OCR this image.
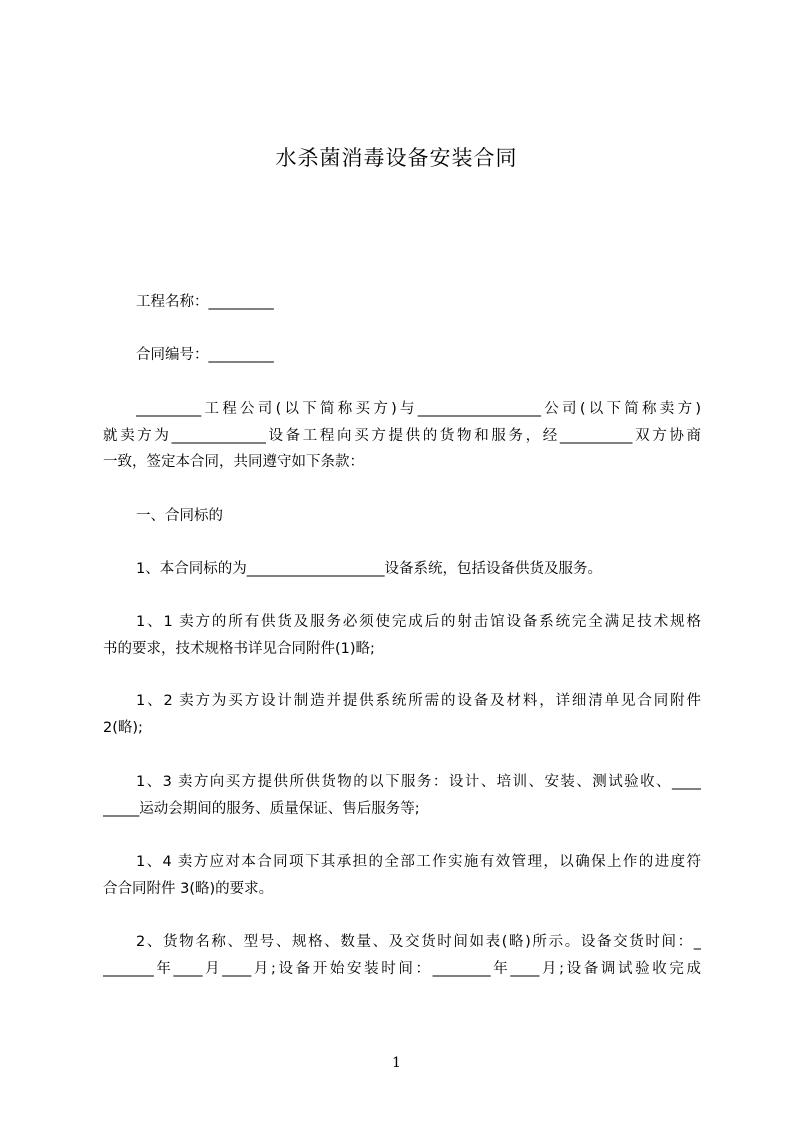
水杀菌消毒设备安装合同
工程名称：_________
合同编号：_________
_________工程公司(以下简称买方)与_________________公司(以下简称卖方)
就卖方为_____________设备工程向买方提供的货物和服务，经__________双方协商
一致，签定本合同，共同遵守如下条款：
一、合同标的
1、本合同标的为___________________设备系统，包括设备供货及服务。
1、1 卖方的所有供货及服务必须使完成后的射击馆设备系统完全满足技术规格
书的要求，技术规格书详见合同附件(1)略;
1、2 卖方为买方设计制造并提供系统所需的设备及材料，详细清单见合同附件
2(略);
1、3 卖方向买方提供所供货物的以下服务：设计、培训、安装、测试验收、____
_____运动会期间的服务、质量保证、售后服务等;
1、4 卖方应对本合同项下其承担的全部工作实施有效管理，以确保上作的进度符
合合同附件 3(略)的要求。
2、货物名称、型号、规格、数量、及交货时间如表(略)所示。设备交货时间：_
_______年____月____月;设备开始安装时间：________年____月;设备调试验收完成
1
